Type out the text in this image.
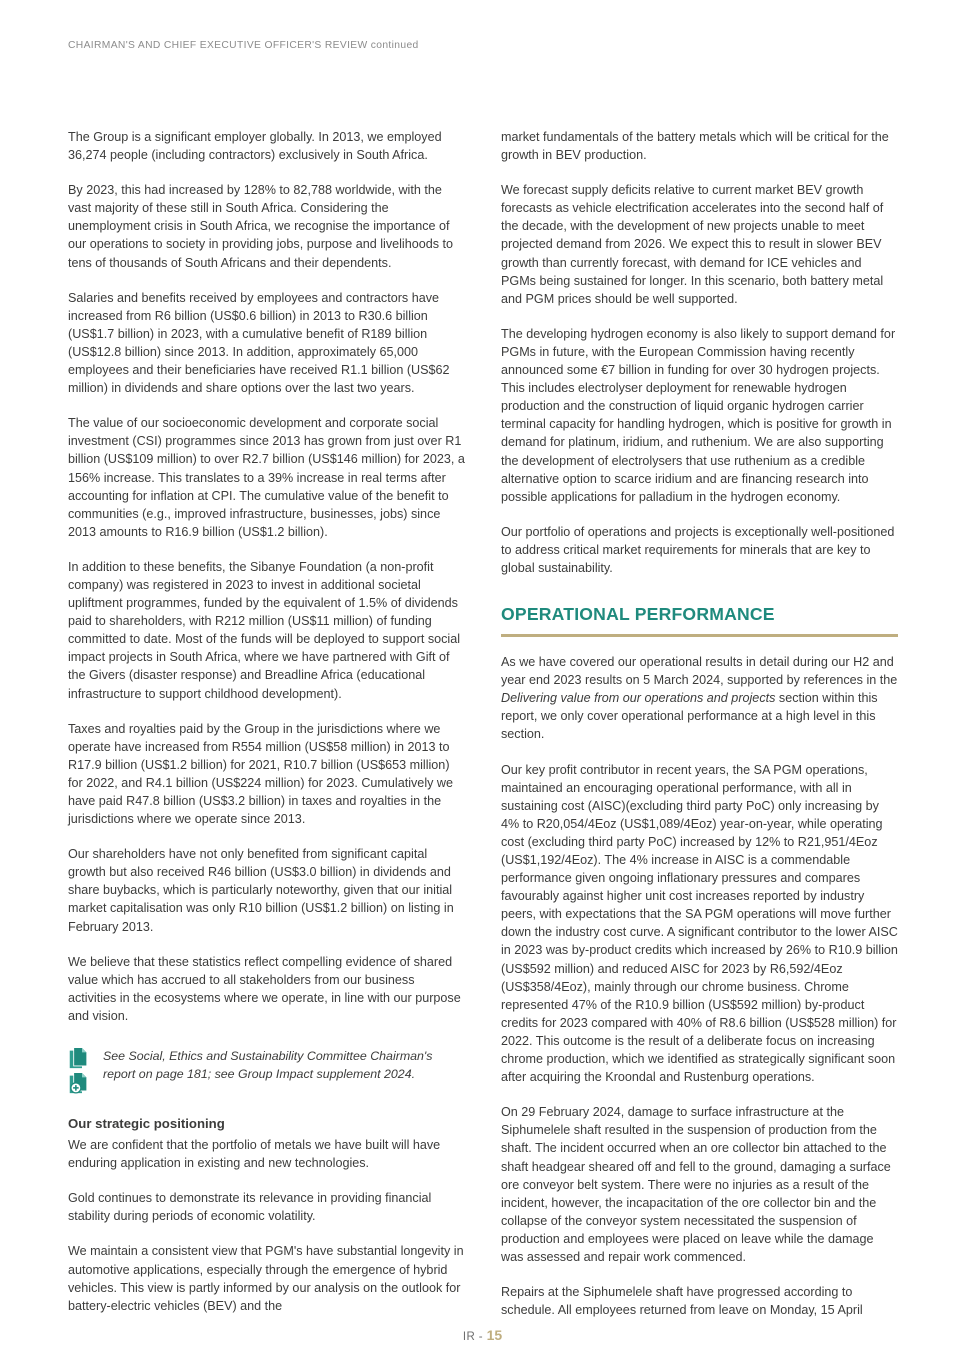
CHAIRMAN'S AND CHIEF EXECUTIVE OFFICER'S REVIEW continued

The Group is a significant employer globally. In 2013, we employed 36,274 people (including contractors) exclusively in South Africa.

By 2023, this had increased by 128% to 82,788 worldwide, with the vast majority of these still in South Africa. Considering the unemployment crisis in South Africa, we recognise the importance of our operations to society in providing jobs, purpose and livelihoods to tens of thousands of South Africans and their dependents.

Salaries and benefits received by employees and contractors have increased from R6 billion (US$0.6 billion) in 2013 to R30.6 billion (US$1.7 billion) in 2023, with a cumulative benefit of R189 billion (US$12.8 billion) since 2013. In addition, approximately 65,000 employees and their beneficiaries have received R1.1 billion (US$62 million) in dividends and share options over the last two years.

The value of our socioeconomic development and corporate social investment (CSI) programmes since 2013 has grown from just over R1 billion (US$109 million) to over R2.7 billion (US$146 million) for 2023, a 156% increase. This translates to a 39% increase in real terms after accounting for inflation at CPI. The cumulative value of the benefit to communities (e.g., improved infrastructure, businesses, jobs) since 2013 amounts to R16.9 billion (US$1.2 billion).

In addition to these benefits, the Sibanye Foundation (a non-profit company) was registered in 2023 to invest in additional societal upliftment programmes, funded by the equivalent of 1.5% of dividends paid to shareholders, with R212 million (US$11 million) of funding committed to date. Most of the funds will be deployed to support social impact projects in South Africa, where we have partnered with Gift of the Givers (disaster response) and Breadline Africa (educational infrastructure to support childhood development).

Taxes and royalties paid by the Group in the jurisdictions where we operate have increased from R554 million (US$58 million) in 2013 to R17.9 billion (US$1.2 billion) for 2021, R10.7 billion (US$653 million) for 2022, and R4.1 billion (US$224 million) for 2023. Cumulatively we have paid R47.8 billion (US$3.2 billion) in taxes and royalties in the jurisdictions where we operate since 2013.

Our shareholders have not only benefited from significant capital growth but also received R46 billion (US$3.0 billion) in dividends and share buybacks, which is particularly noteworthy, given that our initial market capitalisation was only R10 billion (US$1.2 billion) on listing in February 2013.

We believe that these statistics reflect compelling evidence of shared value which has accrued to all stakeholders from our business activities in the ecosystems where we operate, in line with our purpose and vision.

See Social, Ethics and Sustainability Committee Chairman's report on page 181; see Group Impact supplement 2024.
Our strategic positioning

We are confident that the portfolio of metals we have built will have enduring application in existing and new technologies.

Gold continues to demonstrate its relevance in providing financial stability during periods of economic volatility.

We maintain a consistent view that PGM's have substantial longevity in automotive applications, especially through the emergence of hybrid vehicles. This view is partly informed by our analysis on the outlook for battery-electric vehicles (BEV) and the

market fundamentals of the battery metals which will be critical for the growth in BEV production.

We forecast supply deficits relative to current market BEV growth forecasts as vehicle electrification accelerates into the second half of the decade, with the development of new projects unable to meet projected demand from 2026. We expect this to result in slower BEV growth than currently forecast, with demand for ICE vehicles and PGMs being sustained for longer. In this scenario, both battery metal and PGM prices should be well supported.

The developing hydrogen economy is also likely to support demand for PGMs in future, with the European Commission having recently announced some €7 billion in funding for over 30 hydrogen projects. This includes electrolyser deployment for renewable hydrogen production and the construction of liquid organic hydrogen carrier terminal capacity for handling hydrogen, which is positive for growth in demand for platinum, iridium, and ruthenium. We are also supporting the development of electrolysers that use ruthenium as a credible alternative option to scarce iridium and are financing research into possible applications for palladium in the hydrogen economy.

Our portfolio of operations and projects is exceptionally well-positioned to address critical market requirements for minerals that are key to global sustainability.

OPERATIONAL PERFORMANCE

As we have covered our operational results in detail during our H2 and year end 2023 results on 5 March 2024, supported by references in the Delivering value from our operations and projects section within this report, we only cover operational performance at a high level in this section.

Our key profit contributor in recent years, the SA PGM operations, maintained an encouraging operational performance, with all in sustaining cost (AISC)(excluding third party PoC) only increasing by 4% to R20,054/4Eoz (US$1,089/4Eoz) year-on-year, while operating cost (excluding third party PoC) increased by 12% to R21,951/4Eoz (US$1,192/4Eoz). The 4% increase in AISC is a commendable performance given ongoing inflationary pressures and compares favourably against higher unit cost increases reported by industry peers, with expectations that the SA PGM operations will move further down the industry cost curve. A significant contributor to the lower AISC in 2023 was by-product credits which increased by 26% to R10.9 billion (US$592 million) and reduced AISC for 2023 by R6,592/4Eoz (US$358/4Eoz), mainly through our chrome business. Chrome represented 47% of the R10.9 billion (US$592 million) by-product credits for 2023 compared with 40% of R8.6 billion (US$528 million) for 2022. This outcome is the result of a deliberate focus on increasing chrome production, which we identified as strategically significant soon after acquiring the Kroondal and Rustenburg operations.

On 29 February 2024, damage to surface infrastructure at the Siphumelele shaft resulted in the suspension of production from the shaft. The incident occurred when an ore collector bin attached to the shaft headgear sheared off and fell to the ground, damaging a surface ore conveyor belt system. There were no injuries as a result of the incident, however, the incapacitation of the ore collector bin and the collapse of the conveyor system necessitated the suspension of production and employees were placed on leave while the damage was assessed and repair work commenced.

Repairs at the Siphumelele shaft have progressed according to schedule. All employees returned from leave on Monday, 15 April

IR - 15
